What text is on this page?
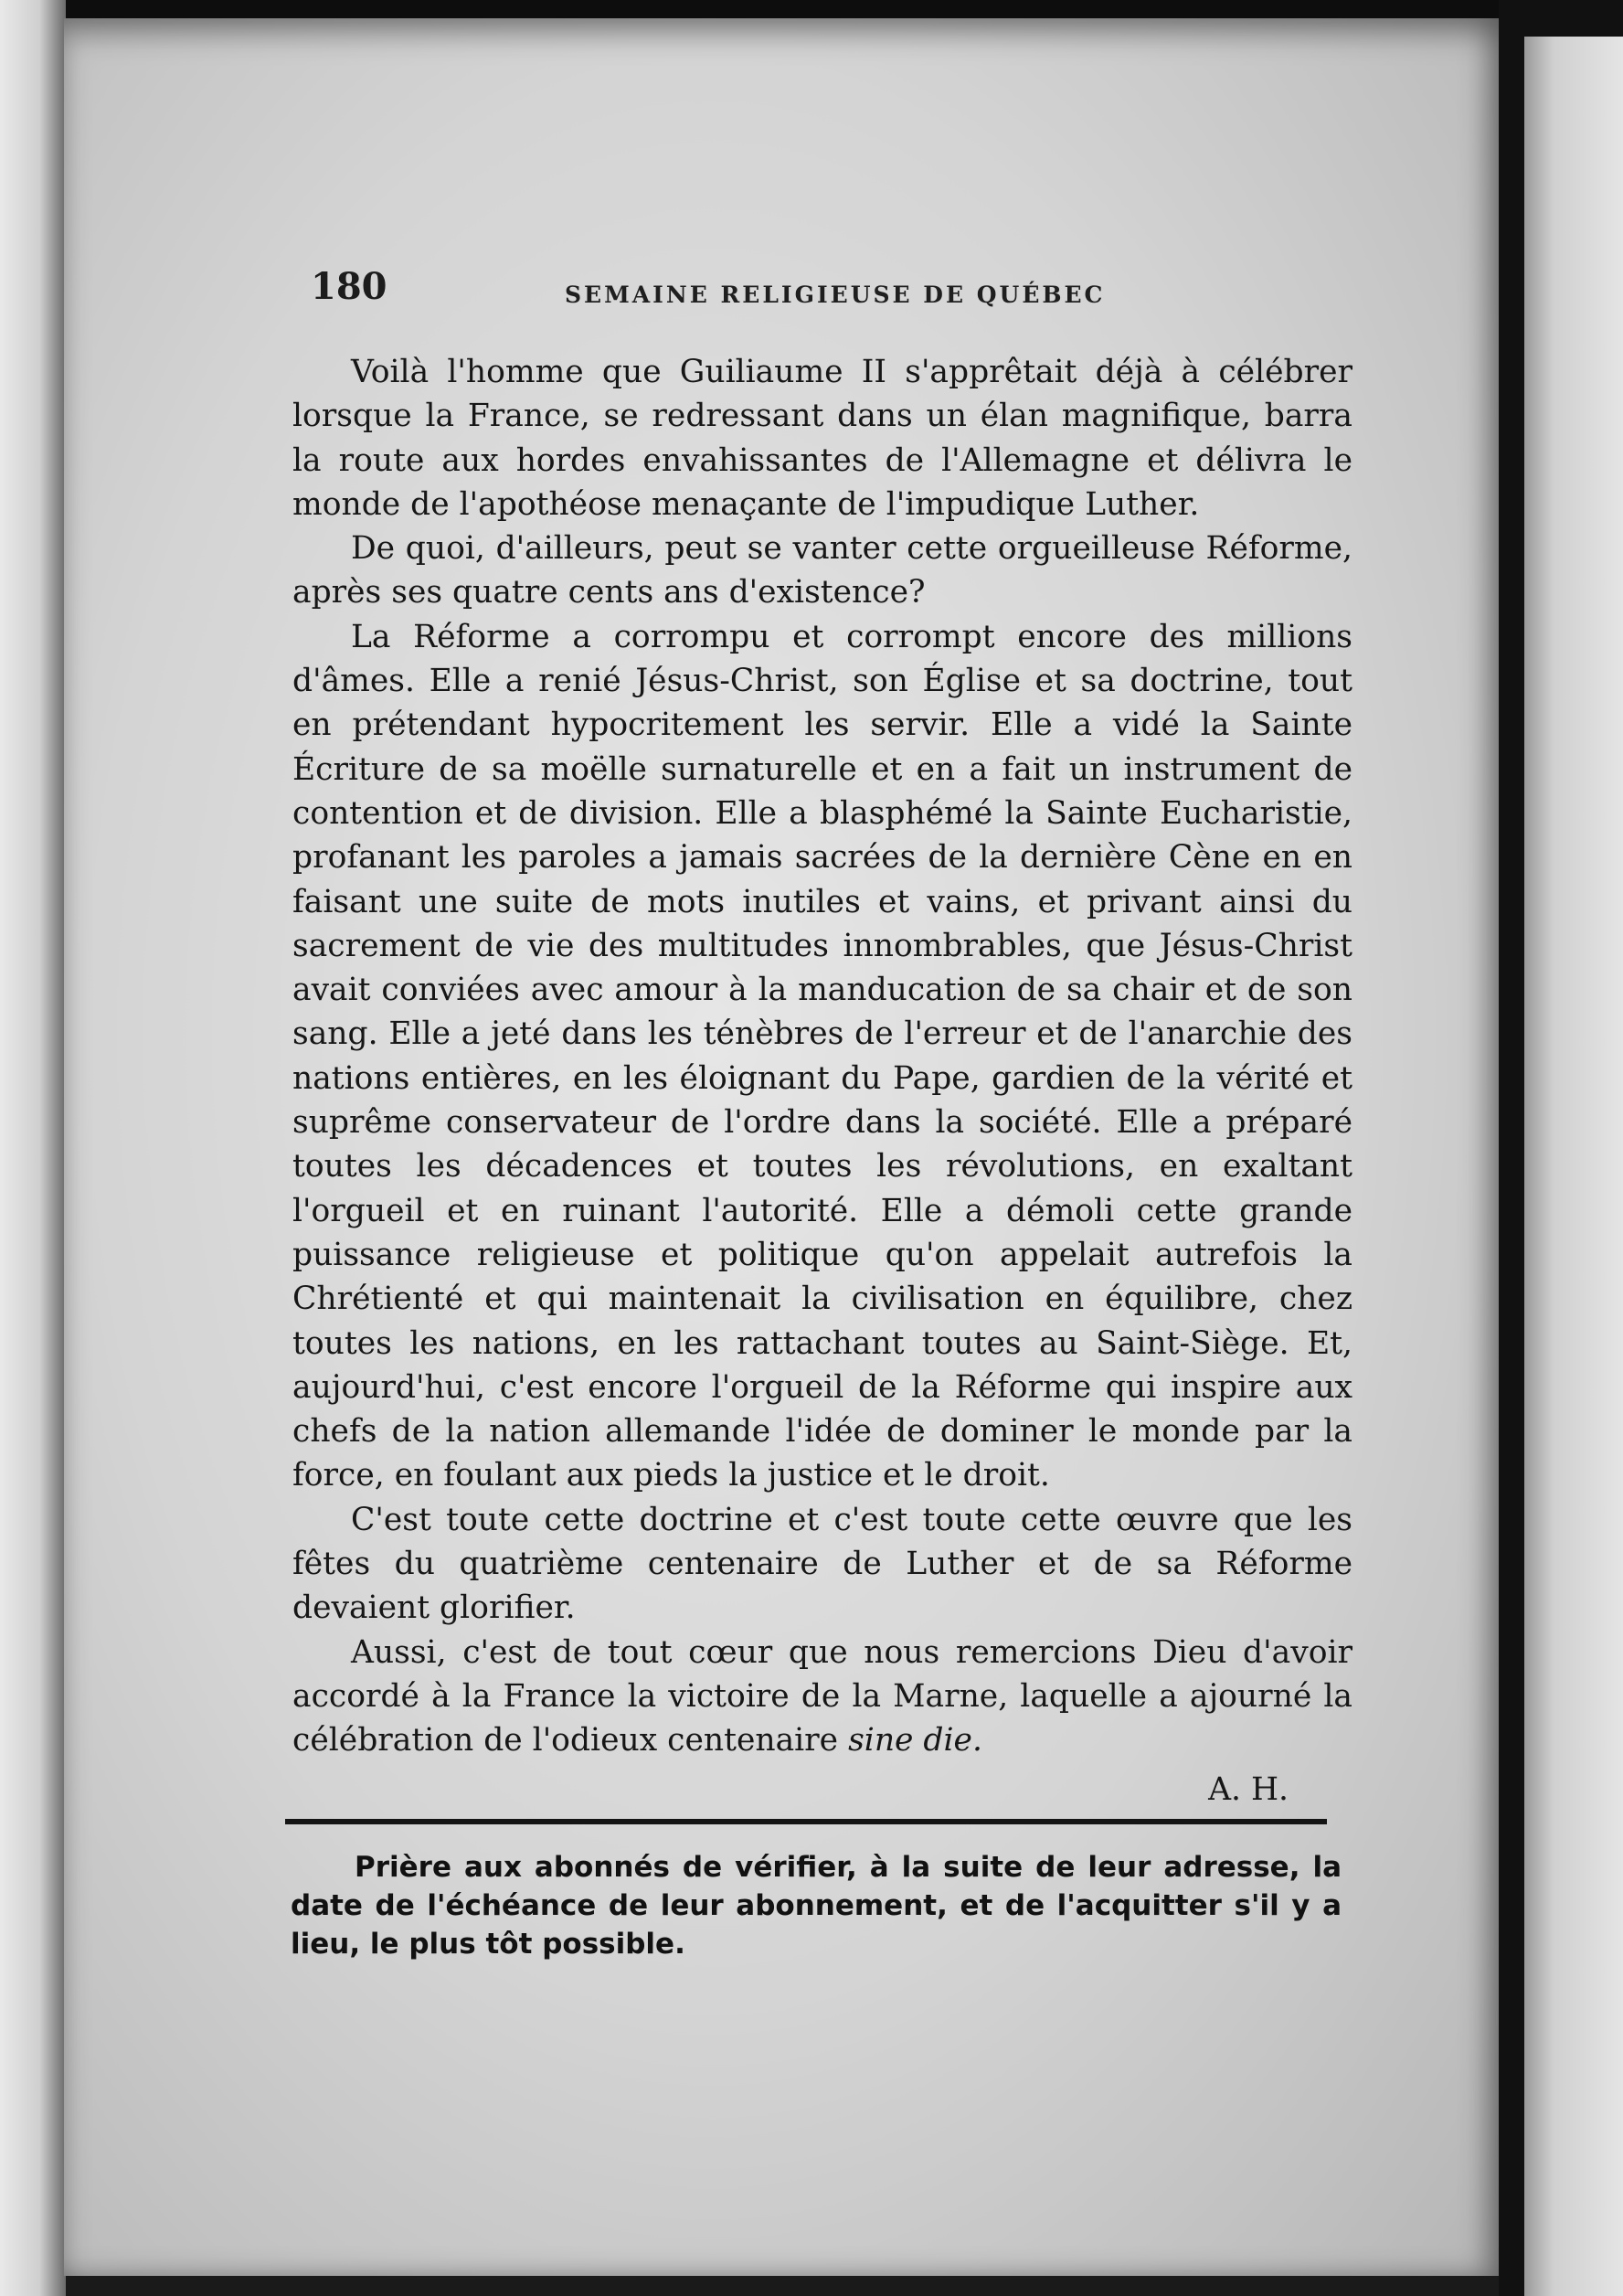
180	SEMAINE RELIGIEUSE DE QUÉBEC

Voilà l'homme que Guiliaume II s'apprêtait déjà à célébrer lorsque la France, se redressant dans un élan magnifique, barra la route aux hordes envahissantes de l'Allemagne et délivra le monde de l'apothéose menaçante de l'impudique Luther.

De quoi, d'ailleurs, peut se vanter cette orgueilleuse Réforme, après ses quatre cents ans d'existence?

La Réforme a corrompu et corrompt encore des millions d'âmes. Elle a renié Jésus-Christ, son Église et sa doctrine, tout en prétendant hypocritement les servir. Elle a vidé la Sainte Écriture de sa moëlle surnaturelle et en a fait un instrument de contention et de division. Elle a blasphémé la Sainte Eucharistie, profanant les paroles a jamais sacrées de la dernière Cène en en faisant une suite de mots inutiles et vains, et privant ainsi du sacrement de vie des multitudes innombrables, que Jésus-Christ avait conviées avec amour à la manducation de sa chair et de son sang. Elle a jeté dans les ténèbres de l'erreur et de l'anarchie des nations entières, en les éloignant du Pape, gardien de la vérité et suprême conservateur de l'ordre dans la société. Elle a préparé toutes les décadences et toutes les révolutions, en exaltant l'orgueil et en ruinant l'autorité. Elle a démoli cette grande puissance religieuse et politique qu'on appelait autrefois la Chrétienté et qui maintenait la civilisation en équilibre, chez toutes les nations, en les rattachant toutes au Saint-Siège. Et, aujourd'hui, c'est encore l'orgueil de la Réforme qui inspire aux chefs de la nation allemande l'idée de dominer le monde par la force, en foulant aux pieds la justice et le droit.

C'est toute cette doctrine et c'est toute cette œuvre que les fêtes du quatrième centenaire de Luther et de sa Réforme devaient glorifier.

Aussi, c'est de tout cœur que nous remercions Dieu d'avoir accordé à la France la victoire de la Marne, laquelle a ajourné la célébration de l'odieux centenaire sine die.

A. H.

Prière aux abonnés de vérifier, à la suite de leur adresse, la date de l'échéance de leur abonnement, et de l'acquitter s'il y a lieu, le plus tôt possible.
